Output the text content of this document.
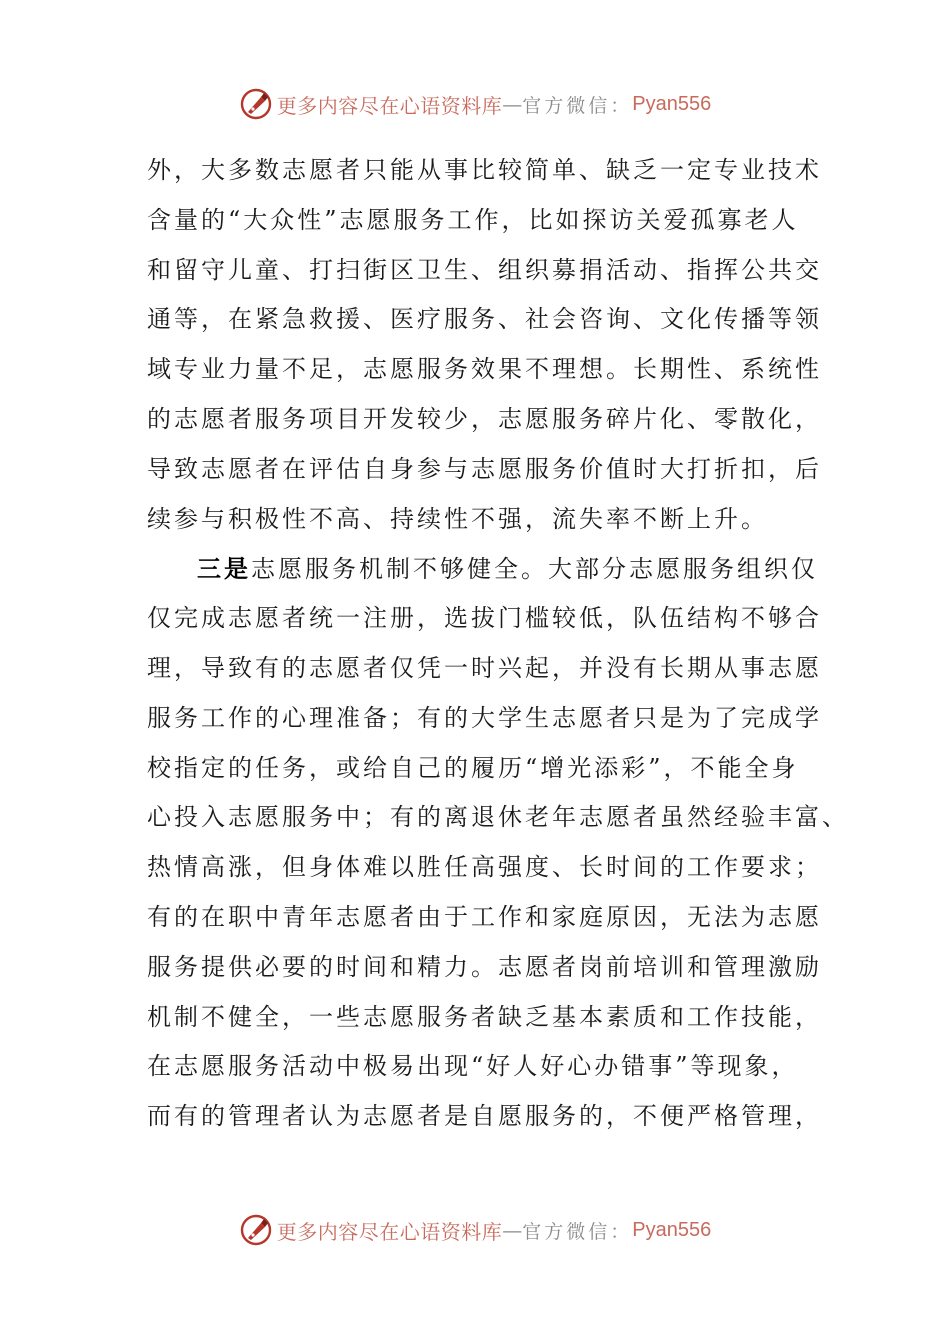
更多内容尽在心语资料库 — 官方微信： Pyan556
外，大多数志愿者只能从事比较简单、缺乏一定专业技术
含量的“大众性”志愿服务工作，比如探访关爱孤寡老人
和留守儿童、打扫街区卫生、组织募捐活动、指挥公共交
通等，在紧急救援、医疗服务、社会咨询、文化传播等领
域专业力量不足，志愿服务效果不理想。长期性、系统性
的志愿者服务项目开发较少，志愿服务碎片化、零散化，
导致志愿者在评估自身参与志愿服务价值时大打折扣，后
续参与积极性不高、持续性不强，流失率不断上升。
三是志愿服务机制不够健全。大部分志愿服务组织仅
仅完成志愿者统一注册，选拔门槛较低，队伍结构不够合
理，导致有的志愿者仅凭一时兴起，并没有长期从事志愿
服务工作的心理准备；有的大学生志愿者只是为了完成学
校指定的任务，或给自己的履历“增光添彩”，不能全身
心投入志愿服务中；有的离退休老年志愿者虽然经验丰富、
热情高涨，但身体难以胜任高强度、长时间的工作要求；
有的在职中青年志愿者由于工作和家庭原因，无法为志愿
服务提供必要的时间和精力。志愿者岗前培训和管理激励
机制不健全，一些志愿服务者缺乏基本素质和工作技能，
在志愿服务活动中极易出现“好人好心办错事”等现象，
而有的管理者认为志愿者是自愿服务的，不便严格管理，
更多内容尽在心语资料库 — 官方微信： Pyan556
